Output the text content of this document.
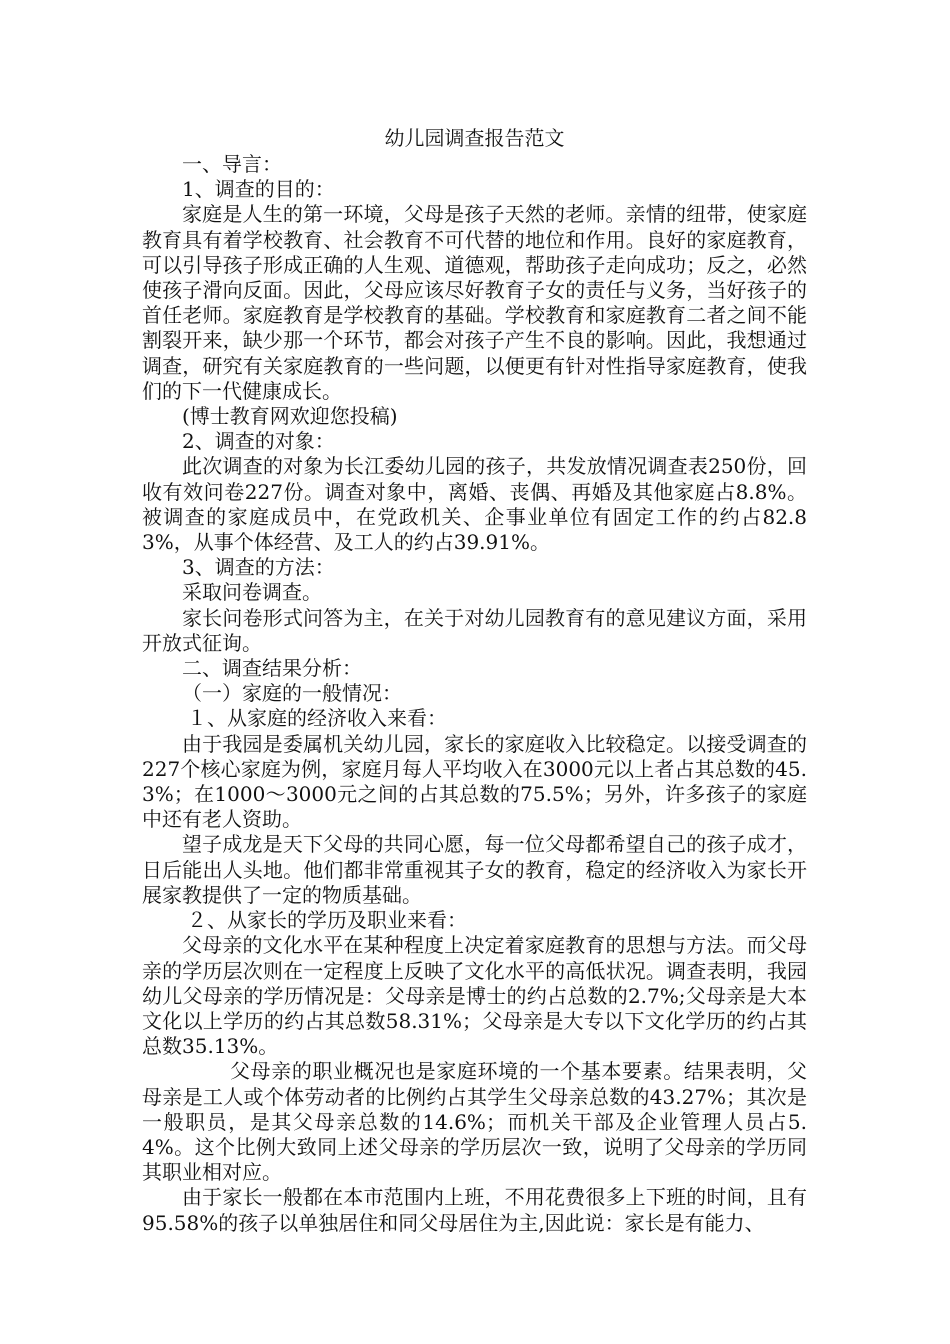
幼儿园调查报告范文

一、导言：

1、调查的目的：

家庭是人生的第一环境，父母是孩子天然的老师。亲情的纽带，使家庭教育具有着学校教育、社会教育不可代替的地位和作用。良好的家庭教育，可以引导孩子形成正确的人生观、道德观，帮助孩子走向成功；反之，必然使孩子滑向反面。因此，父母应该尽好教育子女的责任与义务，当好孩子的首任老师。家庭教育是学校教育的基础。学校教育和家庭教育二者之间不能割裂开来，缺少那一个环节，都会对孩子产生不良的影响。因此，我想通过调查，研究有关家庭教育的一些问题，以便更有针对性指导家庭教育，使我们的下一代健康成长。

(博士教育网欢迎您投稿)

2、调查的对象：

此次调查的对象为长江委幼儿园的孩子，共发放情况调查表250份，回收有效问卷227份。调查对象中，离婚、丧偶、再婚及其他家庭占8.8%。被调查的家庭成员中，在党政机关、企事业单位有固定工作的约占82.83%，从事个体经营、及工人的约占39.91%。

3、调查的方法：

采取问卷调查。

家长问卷形式问答为主，在关于对幼儿园教育有的意见建议方面，采用开放式征询。

二、调查结果分析：

（一）家庭的一般情况：

１、从家庭的经济收入来看：

由于我园是委属机关幼儿园，家长的家庭收入比较稳定。以接受调查的227个核心家庭为例，家庭月每人平均收入在3000元以上者占其总数的45.3%；在1000～3000元之间的占其总数的75.5%；另外，许多孩子的家庭中还有老人资助。

望子成龙是天下父母的共同心愿，每一位父母都希望自己的孩子成才，日后能出人头地。他们都非常重视其子女的教育，稳定的经济收入为家长开展家教提供了一定的物质基础。

２、从家长的学历及职业来看：

父母亲的文化水平在某种程度上决定着家庭教育的思想与方法。而父母亲的学历层次则在一定程度上反映了文化水平的高低状况。调查表明，我园幼儿父母亲的学历情况是：父母亲是博士的约占总数的2.7%;父母亲是大本文化以上学历的约占其总数58.31%；父母亲是大专以下文化学历的约占其总数35.13%。

父母亲的职业概况也是家庭环境的一个基本要素。结果表明，父母亲是工人或个体劳动者的比例约占其学生父母亲总数的43.27%；其次是一般职员，是其父母亲总数的14.6%；而机关干部及企业管理人员占5.4%。这个比例大致同上述父母亲的学历层次一致，说明了父母亲的学历同其职业相对应。

由于家长一般都在本市范围内上班，不用花费很多上下班的时间，且有95.58%的孩子以单独居住和同父母居住为主,因此说：家长是有能力、
